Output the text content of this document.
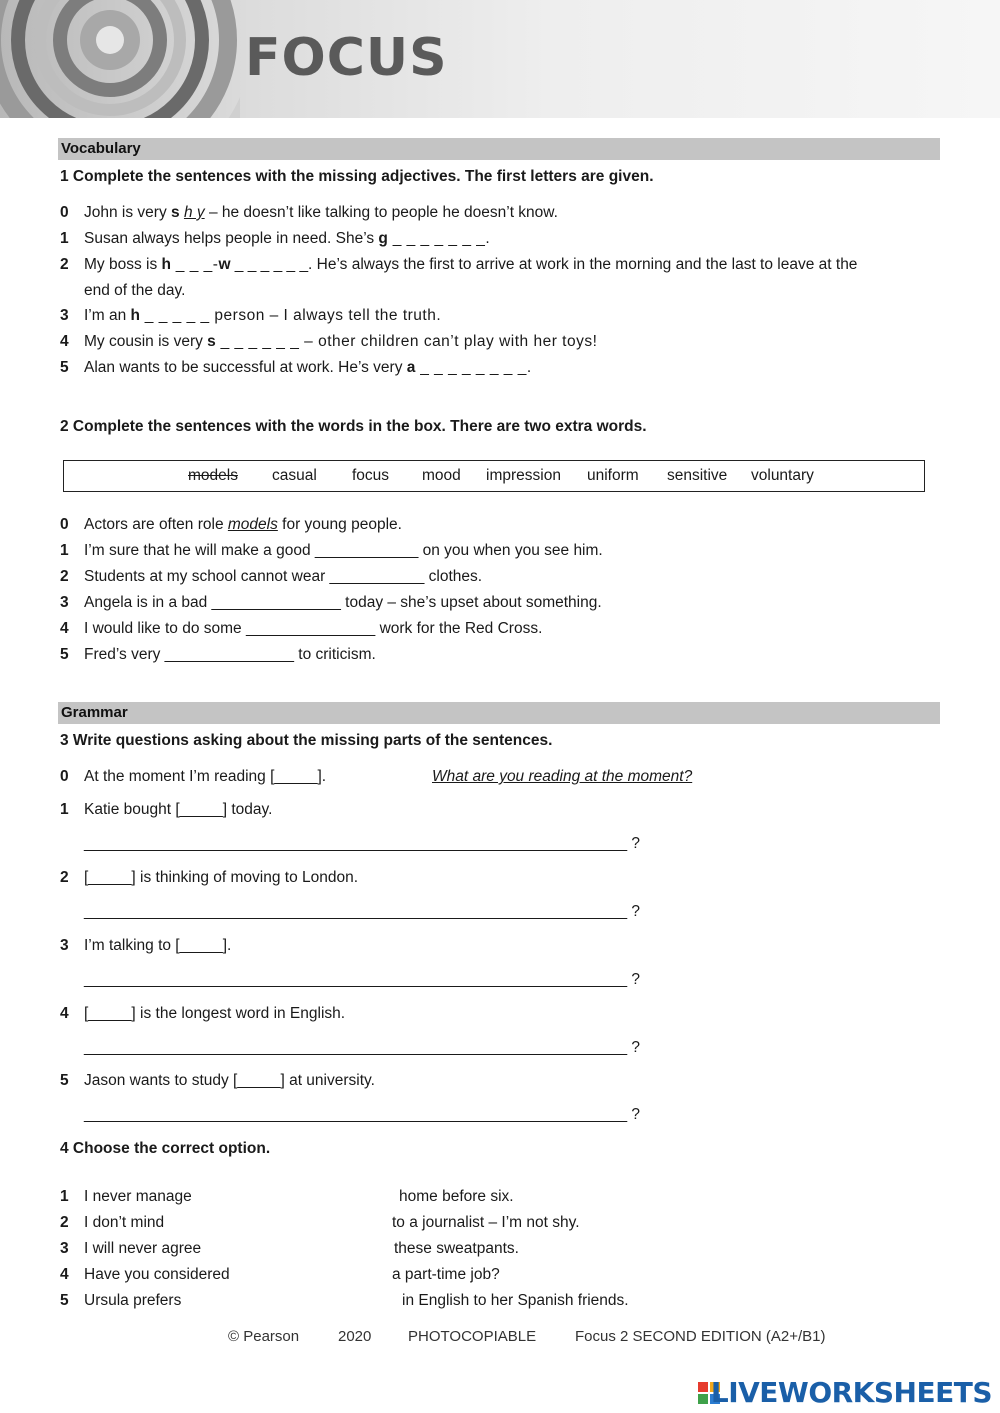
FOCUS
Vocabulary
1 Complete the sentences with the missing adjectives. The first letters are given.
0 John is very s h y – he doesn’t like talking to people he doesn’t know.
1 Susan always helps people in need. She’s g _ _ _ _ _ _ _.
2 My boss is h _ _ _-w _ _ _ _ _ _. He’s always the first to arrive at work in the morning and the last to leave at the
end of the day.
3 I’m an h _ _ _ _ _ person – I always tell the truth.
4 My cousin is very s _ _ _ _ _ _ – other children can’t play with her toys!
5 Alan wants to be successful at work. He’s very a _ _ _ _ _ _ _ _.
2 Complete the sentences with the words in the box. There are two extra words.
models casual focus mood impression uniform sensitive voluntary
0 Actors are often role models for young people.
1 I’m sure that he will make a good ____________ on you when you see him.
2 Students at my school cannot wear ___________ clothes.
3 Angela is in a bad _______________ today – she’s upset about something.
4 I would like to do some _______________ work for the Red Cross.
5 Fred’s very _______________ to criticism.
Grammar
3 Write questions asking about the missing parts of the sentences.
0 At the moment I’m reading [_____].	What are you reading at the moment?
1 Katie bought [_____] today.
_______________________________________________________________ ?
2 [_____] is thinking of moving to London.
_______________________________________________________________ ?
3 I’m talking to [_____].
_______________________________________________________________ ?
4 [_____] is the longest word in English.
_______________________________________________________________ ?
5 Jason wants to study [_____] at university.
_______________________________________________________________ ?
4 Choose the correct option.
1 I never manage	home before six.
2 I don’t mind	to a journalist – I’m not shy.
3 I will never agree	these sweatpants.
4 Have you considered	a part-time job?
5 Ursula prefers	in English to her Spanish friends.
© Pearson	2020 PHOTOCOPIABLE	Focus 2 SECOND EDITION (A2+/B1)
LIVEWORKSHEETS
